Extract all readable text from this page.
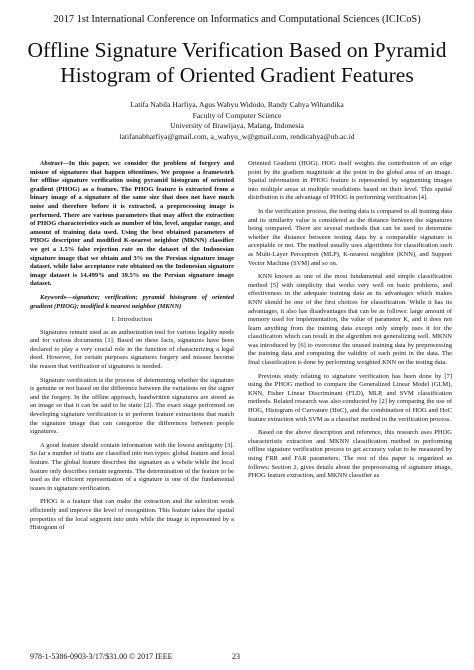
2017 1st International Conference on Informatics and Computational Sciences (ICICoS)
Offline Signature Verification Based on Pyramid
Histogram of Oriented Gradient Features
Latifa Nabila Harfiya, Agus Wahyu Widodo, Randy Cahya Wihandika
Faculty of Computer Science
University of Brawijaya, Malang, Indonesia
latifanabharfiya@gmail.com, a_wahyu_w@gmail.com, rendicahya@ub.ac.id

Abstract—In this paper, we consider the problem of forgery and misuse of signatures that happen oftentimes. We propose a framework for offline signature verification using pyramid histogram of oriented gradient (PHOG) as a feature. The PHOG feature is extracted from a binary image of a signature of the same size that does not have much noise and therefore before it is extracted, a preprocessing image is performed. There are various parameters that may affect the extraction of PHOG characteristics such as number of bin, level, angular range, and amount of training data used. Using the best obtained parameters of PHOG descriptor and modified K-nearest neighbor (MKNN) classifier we get a 1.5% false rejection rate on the dataset of the Indonesian signature image that we obtain and 3% on the Persian signature image dataset, while false acceptance rate obtained on the Indonesian signature image dataset is 14.499% and 39.5% on the Persian signature image dataset.

Keywords—signature; verification; pyramid histogram of oriented gradient (PHOG); modified k nearest neighbor (MKNN)

I. Introduction

Signatures remain used as an authorization tool for various legality needs and for various documents [1]. Based on these facts, signatures have been declared to play a very crucial role in the function of characterizing a legal deed. However, for certain purposes signatures forgery and misuse become the reason that verification of signatures is needed.

Signature verification is the process of determining whether the signature is genuine or not based on the difference between the variations on the signer and the forgery. In the offline approach, handwritten signatures are stored as an image so that it can be said to be static [2]. The exact stage performed on developing signature verification is to perform feature extractions that match the signature image that can categorize the differences between people signatures.

A good feature should contain information with the lowest ambiguity [3]. So far a number of traits are classified into two types: global feature and local feature. The global feature describes the signature as a whole while the local feature only describes certain segments. The determination of the feature to be used as the efficient representation of a signature is one of the fundamental issues in signature verification.

PHOG is a feature that can make the extraction and the selection work efficiently and improve the level of recognition. This feature takes the spatial properties of the local segment into units while the image is represented by a Histogram of

Oriented Gradient (HOG). HOG itself weights the contribution of an edge point by the gradient magnitude at the point in the global area of an image. Spatial information in PHOG feature is represented by segmenting images into multiple areas at multiple resolutions based on their level. This spatial distribution is the advantage of PHOG in performing verification [4].

In the verification process, the testing data is compared to all training data and its similarity value is considered as the distance between the signatures being compared. There are several methods that can be used to determine whether the distance between testing data by a comparable signature is acceptable or not. The method usually uses algorithms for classification such as Multi-Layer Perceptron (MLP), K-nearest neighbor (KNN), and Support Vector Machine (SVM) and so on.

KNN known as one of the most fundamental and simple classification method [5] with simplicity that works very well on basic problems, and effectiveness in the adequate training data as its advantages which makes KNN should be one of the first choices for classification. While it has its advantages, it also has disadvantages that can be as follows: large amount of memory used for implementation, the value of parameter K, and it does not learn anything from the training data except only simply uses it for the classification which can result in the algorithm not generalizing well. MKNN was introduced by [6] to overcome the unused training data by preprocessing the training data and computing the validity of each point in the data. The final classification is done by performing weighted KNN on the testing data.

Previous study relating to signature verification has been done by [7] using the PHOG method to compare the Generalized Linear Model (GLM), KNN, Fisher Linear Discriminant (FLD), MLP, and SVM classification methods. Related research was also conducted by [2] by comparing the use of HOG, Histogram of Curvature (HoC), and the combination of HOG and HoC feature extraction with SVM as a classifier method in the verification process.

Based on the above description and reference, this research uses PHOG characteristic extraction and MKNN classification method in performing offline signature verification process to get accuracy value to be measured by using FRR and FAR parameters. The rest of this paper is organized as follows: Section 2, gives details about the preprocessing of signature image, PHOG feature extraction, and MKNN classifier as

978-1-5386-0903-3/17/$31.00 © 2017 IEEE	23
